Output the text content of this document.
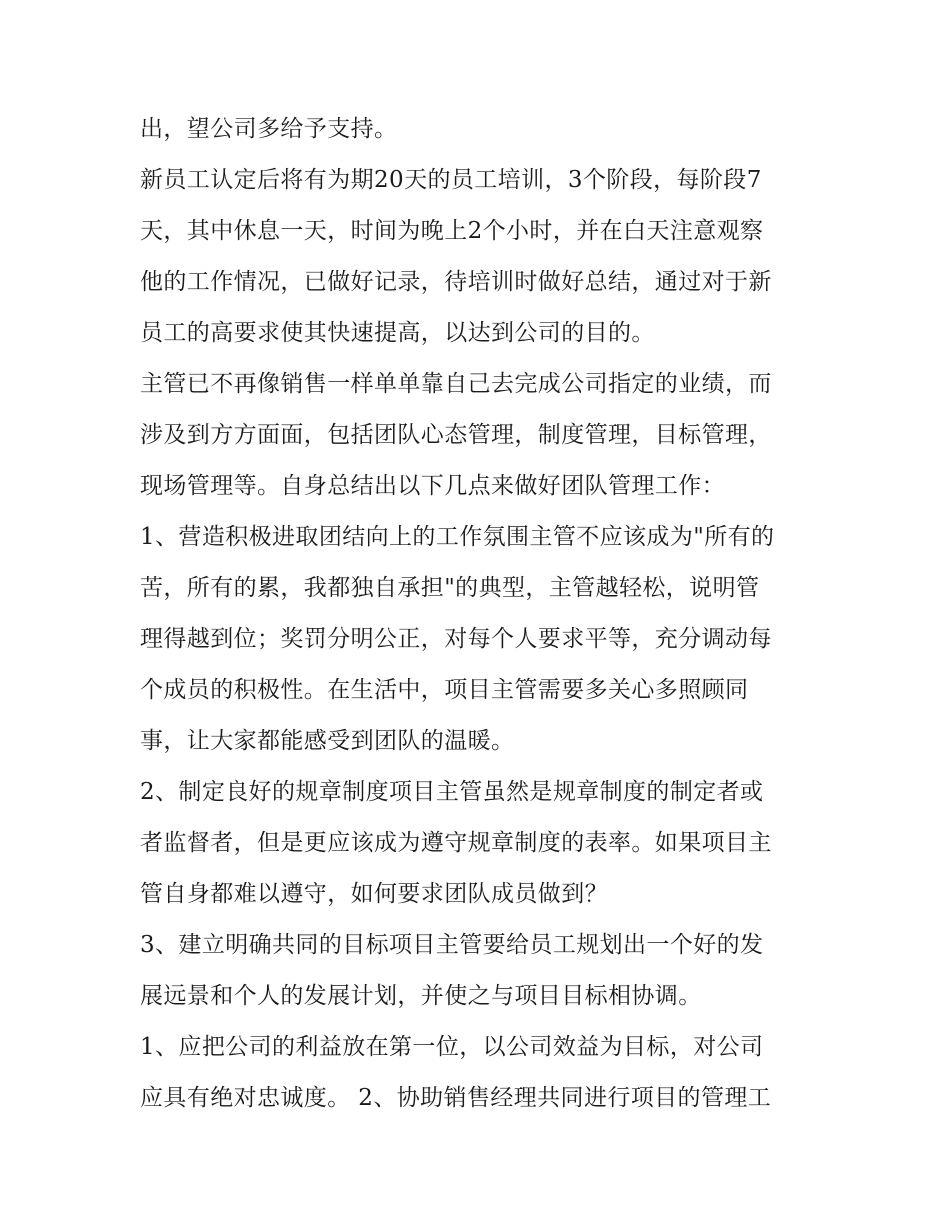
出，望公司多给予支持。
新员工认定后将有为期20天的员工培训，3个阶段，每阶段7
天，其中休息一天，时间为晚上2个小时，并在白天注意观察
他的工作情况，已做好记录，待培训时做好总结，通过对于新
员工的高要求使其快速提高，以达到公司的目的。
主管已不再像销售一样单单靠自己去完成公司指定的业绩，而
涉及到方方面面，包括团队心态管理，制度管理，目标管理，
现场管理等。自身总结出以下几点来做好团队管理工作：
1、营造积极进取团结向上的工作氛围主管不应该成为"所有的
苦，所有的累，我都独自承担"的典型，主管越轻松，说明管
理得越到位；奖罚分明公正，对每个人要求平等，充分调动每
个成员的积极性。在生活中，项目主管需要多关心多照顾同
事，让大家都能感受到团队的温暖。
2、制定良好的规章制度项目主管虽然是规章制度的制定者或
者监督者，但是更应该成为遵守规章制度的表率。如果项目主
管自身都难以遵守，如何要求团队成员做到？
3、建立明确共同的目标项目主管要给员工规划出一个好的发
展远景和个人的发展计划，并使之与项目目标相协调。
1、应把公司的利益放在第一位，以公司效益为目标，对公司
应具有绝对忠诚度。 2、协助销售经理共同进行项目的管理工
